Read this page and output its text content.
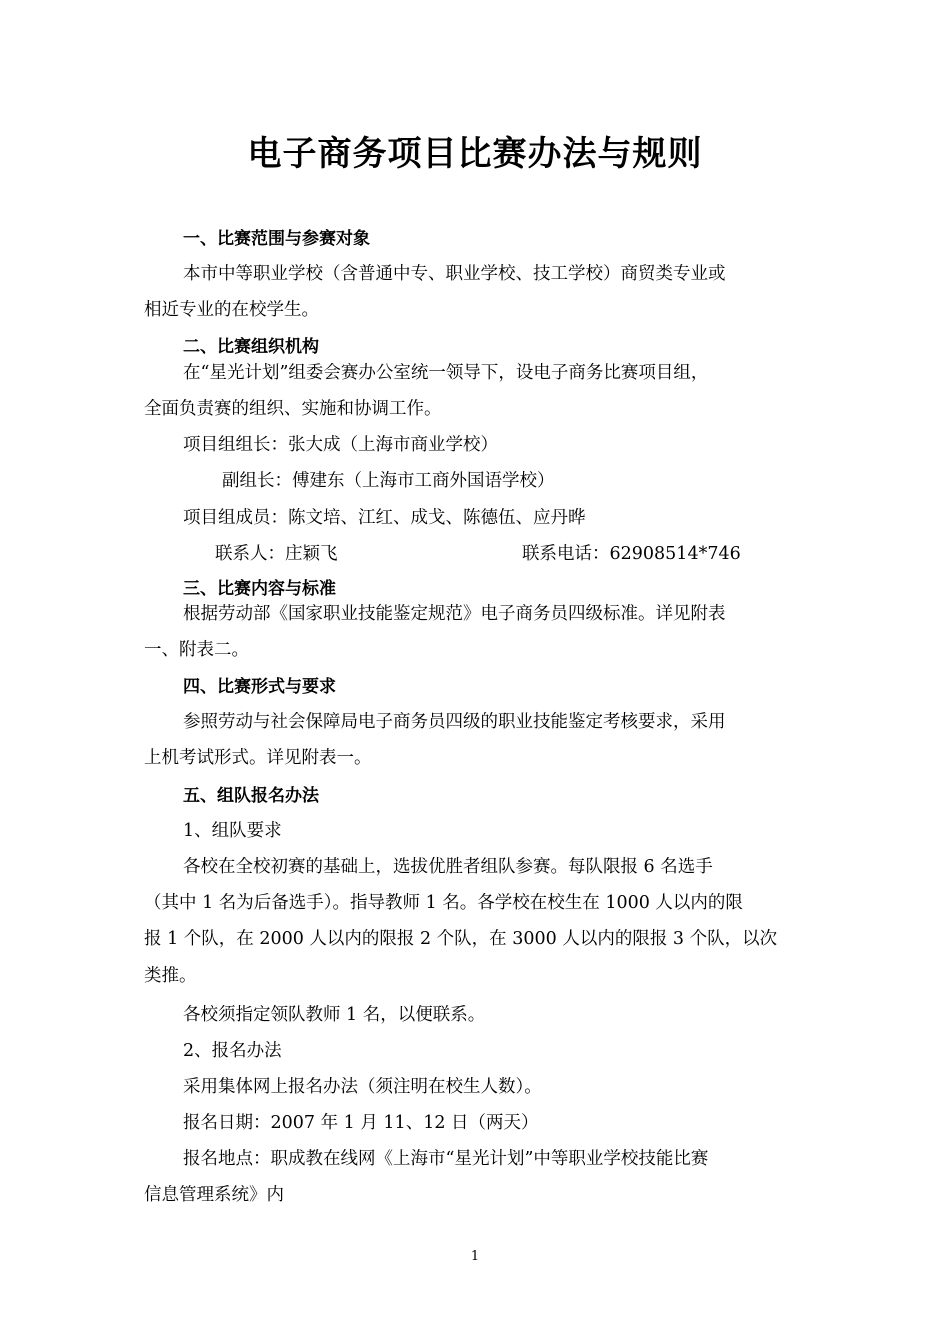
电子商务项目比赛办法与规则
一、比赛范围与参赛对象
本市中等职业学校（含普通中专、职业学校、技工学校）商贸类专业或
相近专业的在校学生。
二、比赛组织机构
在“星光计划”组委会赛办公室统一领导下，设电子商务比赛项目组，
全面负责赛的组织、实施和协调工作。
项目组组长：张大成（上海市商业学校）
副组长：傅建东（上海市工商外国语学校）
项目组成员：陈文培、江红、成戈、陈德伍、应丹晔
联系人：庄颖飞	联系电话：62908514*746
三、比赛内容与标准
根据劳动部《国家职业技能鉴定规范》电子商务员四级标准。详见附表
一、附表二。
四、比赛形式与要求
参照劳动与社会保障局电子商务员四级的职业技能鉴定考核要求，采用
上机考试形式。详见附表一。
五、组队报名办法
1、组队要求
各校在全校初赛的基础上，选拔优胜者组队参赛。每队限报 6 名选手
（其中 1 名为后备选手）。指导教师 1 名。各学校在校生在 1000 人以内的限
报 1 个队，在 2000 人以内的限报 2 个队，在 3000 人以内的限报 3 个队，以次
类推。
各校须指定领队教师 1 名，以便联系。
2、报名办法
采用集体网上报名办法（须注明在校生人数）。
报名日期：2007 年 1 月 11、12 日（两天）
报名地点：职成教在线网《上海市“星光计划”中等职业学校技能比赛
信息管理系统》内
1
